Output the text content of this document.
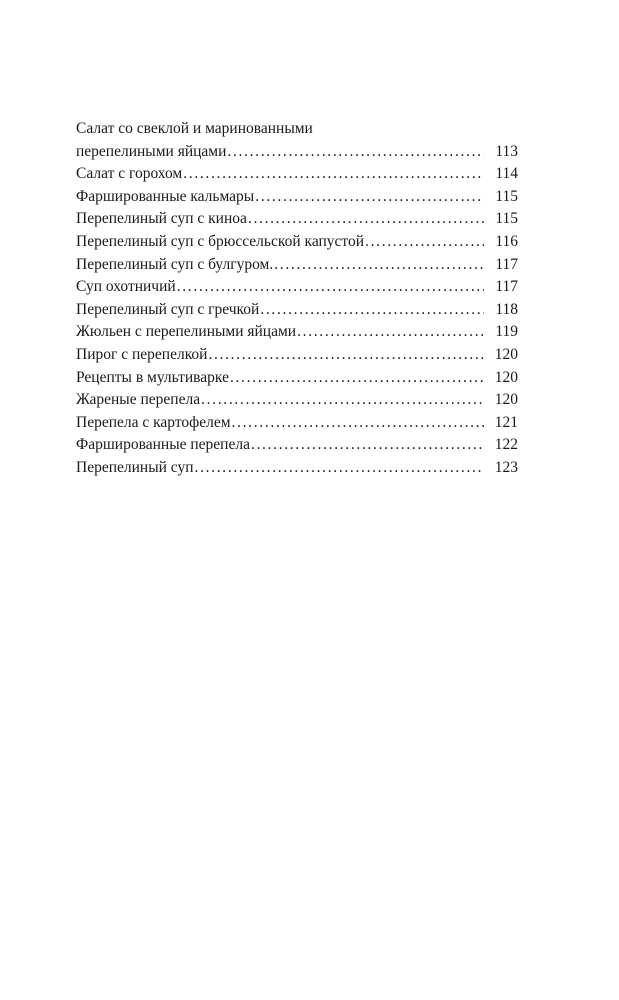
Салат со свеклой и маринованными
перепелиными яйцами . . .	113
Салат с горохом . . .	114
Фаршированные кальмары . . .	115
Перепелиный суп с киноа . . .	115
Перепелиный суп с брюссельской капустой . . .	116
Перепелиный суп с булгуром. . . .	117
Суп охотничий . . .	117
Перепелиный суп с гречкой . . .	118
Жюльен с перепелиными яйцами . . .	119
Пирог с перепелкой . . .	120
Рецепты в мультиварке . . .	120
Жареные перепела . . .	120
Перепела с картофелем . . .	121
Фаршированные перепела . . .	122
Перепелиный суп . . .	123
